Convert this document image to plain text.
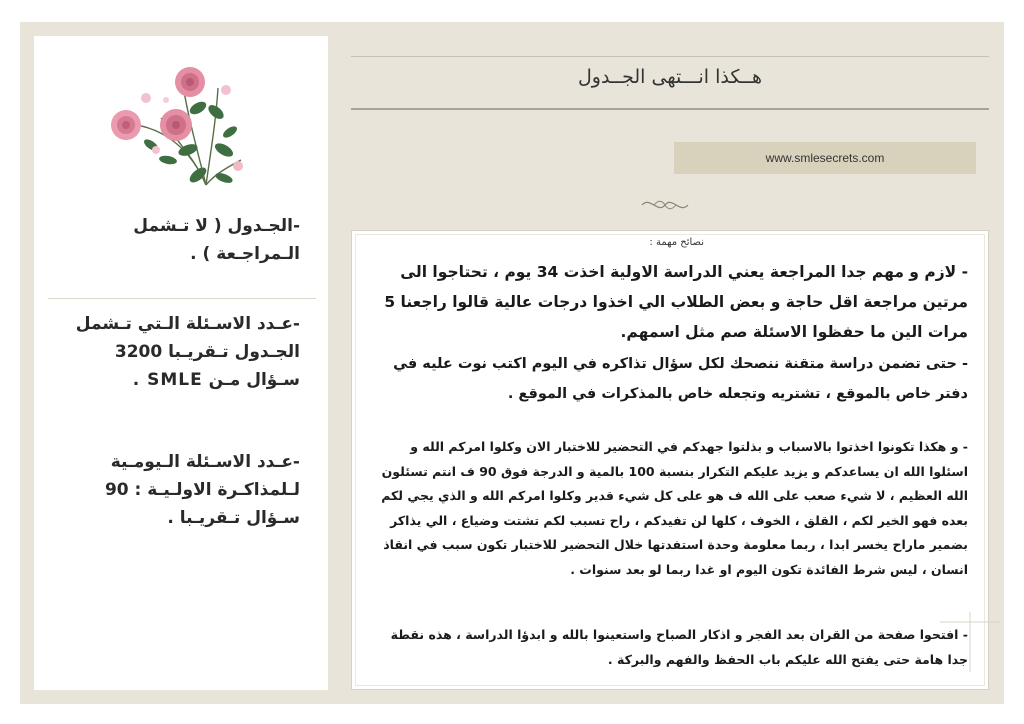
-الجـدول ( لا تـشمل
الـمراجـعة ) .
-عـدد الاسـئلة الـتي تـشمل
الجـدول تـقريـبا 3200
سـؤال مـن SMLE .
-عـدد الاسـئلة الـيومـية
لـلمذاكـرة الاولـيـة : 90
سـؤال تـقريـبا .
هــكذا انـــتهى الجــدول
www.smlesecrets.com
نصائح مهمة :
- لازم و مهم جدا المراجعة يعني الدراسة الاولية اخذت 34 يوم ، تحتاجوا الى مرتين مراجعة اقل حاجة و بعض الطلاب الي اخذوا درجات عالية قالوا راجعنا 5 مرات الين ما حفظوا الاسئلة صم مثل اسمهم.
- حتى تضمن دراسة متقنة ننصحك لكل سؤال تذاكره في اليوم اكتب نوت عليه في دفتر خاص بالموقع ، تشتريه وتجعله خاص بالمذكرات في الموقع .
- و هكذا تكونوا اخذتوا بالاسباب و بذلتوا جهدكم في التحضير للاختبار الان وكلوا امركم الله و اسئلوا الله ان يساعدكم و يزيد عليكم التكرار بنسبة 100 بالمية و الدرجة فوق 90 ف انتم تسئلون الله العظيم ، لا شيء صعب على الله ف هو على كل شيء قدير وكلوا امركم الله و الذي يجي لكم بعده فهو الخير لكم ، القلق ، الخوف ، كلها لن تفيدكم ، راح تسبب لكم تشتت وضياع ، الي يذاكر بضمير ماراح يخسر ابدا ، ربما معلومة وحدة استفدتها خلال التحضير للاختبار تكون سبب في انقاذ انسان ، ليس شرط الفائدة تكون اليوم او غدا ربما لو بعد سنوات .
- افتحوا صفحة من القران بعد الفجر و اذكار الصباح واستعينوا بالله و ابدؤا الدراسة ، هذه نقطة جدا هامة حتى يفتح الله عليكم باب الحفظ والفهم والبركة .
